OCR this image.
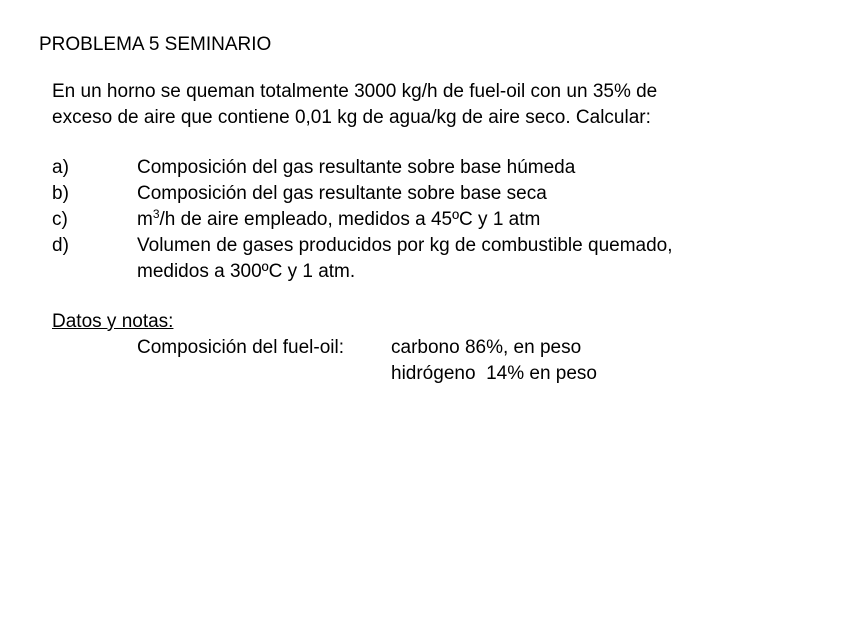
PROBLEMA 5 SEMINARIO
En un horno se queman totalmente 3000 kg/h de fuel-oil con un 35% de
exceso de aire que contiene 0,01 kg de agua/kg de aire seco. Calcular:
a)	Composición del gas resultante sobre base húmeda
b)	Composición del gas resultante sobre base seca
c)	$m^3/h$ de aire empleado, medidos a 45ºC y 1 atm
d)	Volumen de gases producidos por kg de combustible quemado,
medidos a 300ºC y 1 atm.
Datos y notas:
Composición del fuel-oil:	carbono 86%, en peso
hidrógeno  14% en peso
